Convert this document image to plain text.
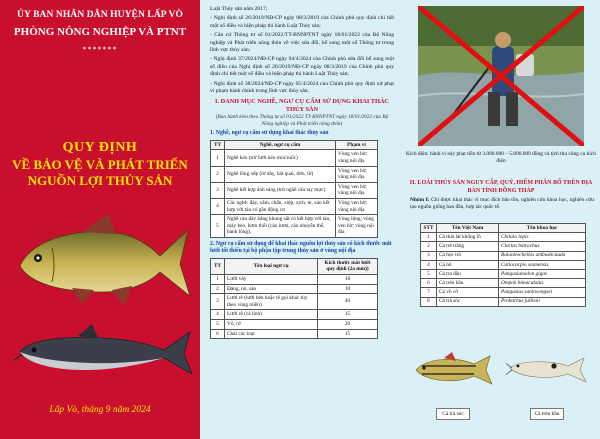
ỦY BAN NHÂN DÂN HUYỆN LẤP VÒ
PHÒNG NÔNG NGHIỆP VÀ PTNT
*******
QUY ĐỊNH
VỀ BẢO VỆ VÀ PHÁT TRIỂN
NGUỒN LỢI THỦY SẢN
Lấp Vò, tháng 9 năm 2024

Luật Thủy sản năm 2017;

- Nghị định số 26/2019/NĐ-CP ngày 08/3/2019 của Chính phủ quy định chi tiết một số điều và biện pháp thi hành Luật Thủy sản;

- Căn cứ Thông tư số 01/2022/TT-BNNPTNT ngày 18/01/2022 của Bộ Nông nghiệp và Phát triển nông thôn về việc sửa đổi, bổ sung một số Thông tư trong lĩnh vực thủy sản;

- Nghị định 37/2024/NĐ-CP ngày 04/4/2024 của Chính phủ sửa đổi bổ sung một số điều của Nghị định số 26/2019/NĐ-CP ngày 08/3/2019 của Chính phủ quy định chi tiết một số điều và biện pháp thi hành Luật Thủy sản;

- Nghị định số 38/2024/NĐ-CP ngày 05/4/2024 của Chính phủ quy định xử phạt vi phạm hành chính trong lĩnh vực thủy sản.

I. DANH MỤC NGHỀ, NGƯ CỤ CẤM SỬ DỤNG KHAI THÁC THỦY SẢN
(Ban hành kèm theo Thông tư số 01/2022 TT-BNNPTNT ngày 18/01/2022 của Bộ Nông nghiệp và Phát triển nông thôn)
1. Nghề, ngư cụ cấm sử dụng khai thác thủy sản
TT	Nghề, ngư cụ cấm	Phạm vi
1	Nghề kéo (trừ lưới kéo moi/ruốc)	Vùng ven bờ; vùng nội địa
2	Nghề lồng xếp (lờ dây, bát quái, dớn, lừ)	Vùng ven bờ; vùng nội địa
3	Nghề kết hợp ánh sáng (trừ nghề câu tay mực)	Vùng ven bờ; vùng nội địa
4	Các nghề: đáy, xăm, chấn, xiệp, xịch, te, xáo kết hợp với tàu có gắn động cơ	Vùng ven bờ; vùng nội địa
5	Nghề cào đáy bằng khung sắt có kết hợp với tàu, máy kéo, bơm thổi (cào lươn, cào nhuyễn thể, banh lông).	Vùng lộng; vùng ven bờ; vùng nội địa
2. Ngư cụ cấm sử dụng để khai thác nguồn lợi thủy sản có kích thước mắt lưới tối thiểu tại bộ phận tập trung thủy sản ở vùng nội địa
TT	Tên loại ngư cụ	Kích thước mắt lưới quy định (2a mm))
1	Lưới vây	18
2	Đăng, nò, sáo	18
3	Lưới rê (lưới bén hoặc tê gọi khác tùy theo vùng miền)	40
4	Lưới rê (cá linh)	15
5	Vó, rớ	20
6	Chài các loại	15
Kích điện: hành vi này phạt tiền từ 3.000.000 – 5.000.000 đồng và tịch thu công cụ kích điện
II. LOÀI THỦY SẢN NGUY CẤP, QUÝ, HIẾM PHÂN BỐ TRÊN ĐỊA BÀN TỈNH ĐỒNG THÁP
Nhóm I: Chỉ được khai thác vì mục đích bảo tồn, nghiên cứu khoa học, nghiên cứu tạo nguồn giống ban đầu, hợp tác quốc tế.
STT	Tên Việt Nam	Tên khoa học
1	Cá thát lát khổng lồ	Chitala lopis
2	Cá trê trắng	Clarias batrachus
3	Cá học trò	Balantiocheilos ambusticauda
4	Cá hô	Catlocarpio siamensis
5	Cá tra dầu	Pangasianodon gigas
6	Cá trèn bầu	Ompok bimaculatus
7	Cá vồ cờ	Pangasius sanitwongsei
8	Cá trà sóc	Probarbus jullieni
Cá trà sóc	Cá trèn bầu
